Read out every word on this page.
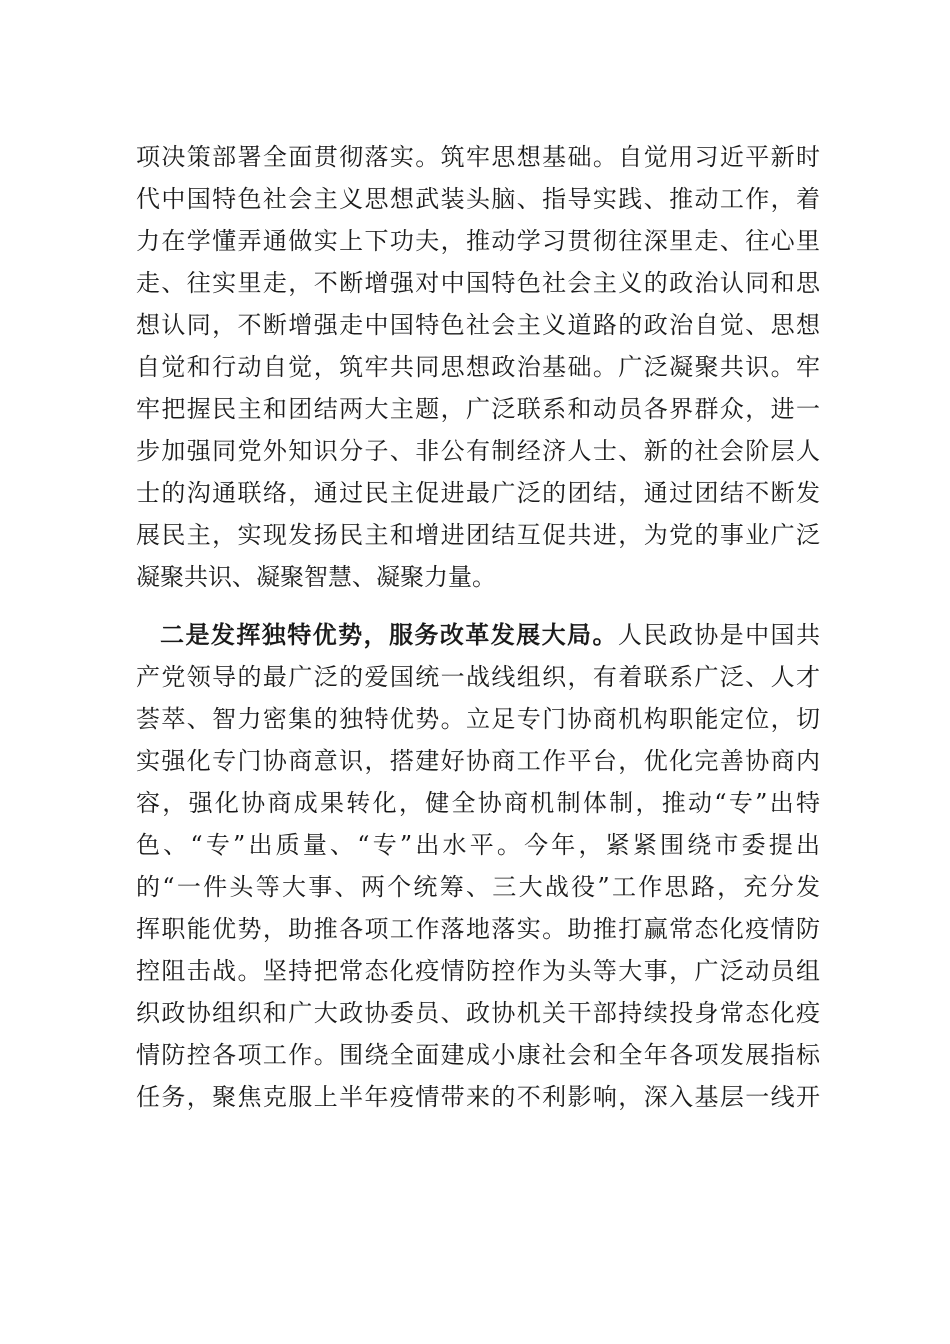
项决策部署全面贯彻落实。筑牢思想基础。自觉用习近平新时
代中国特色社会主义思想武装头脑、指导实践、推动工作，着
力在学懂弄通做实上下功夫，推动学习贯彻往深里走、往心里
走、往实里走，不断增强对中国特色社会主义的政治认同和思
想认同，不断增强走中国特色社会主义道路的政治自觉、思想
自觉和行动自觉，筑牢共同思想政治基础。广泛凝聚共识。牢
牢把握民主和团结两大主题，广泛联系和动员各界群众，进一
步加强同党外知识分子、非公有制经济人士、新的社会阶层人
士的沟通联络，通过民主促进最广泛的团结，通过团结不断发
展民主，实现发扬民主和增进团结互促共进，为党的事业广泛
凝聚共识、凝聚智慧、凝聚力量。
二是发挥独特优势，服务改革发展大局。人民政协是中国共
产党领导的最广泛的爱国统一战线组织，有着联系广泛、人才
荟萃、智力密集的独特优势。立足专门协商机构职能定位，切
实强化专门协商意识，搭建好协商工作平台，优化完善协商内
容，强化协商成果转化，健全协商机制体制，推动“专”出特
色、“专”出质量、“专”出水平。今年，紧紧围绕市委提出
的“一件头等大事、两个统筹、三大战役”工作思路，充分发
挥职能优势，助推各项工作落地落实。助推打赢常态化疫情防
控阻击战。坚持把常态化疫情防控作为头等大事，广泛动员组
织政协组织和广大政协委员、政协机关干部持续投身常态化疫
情防控各项工作。围绕全面建成小康社会和全年各项发展指标
任务，聚焦克服上半年疫情带来的不利影响，深入基层一线开
